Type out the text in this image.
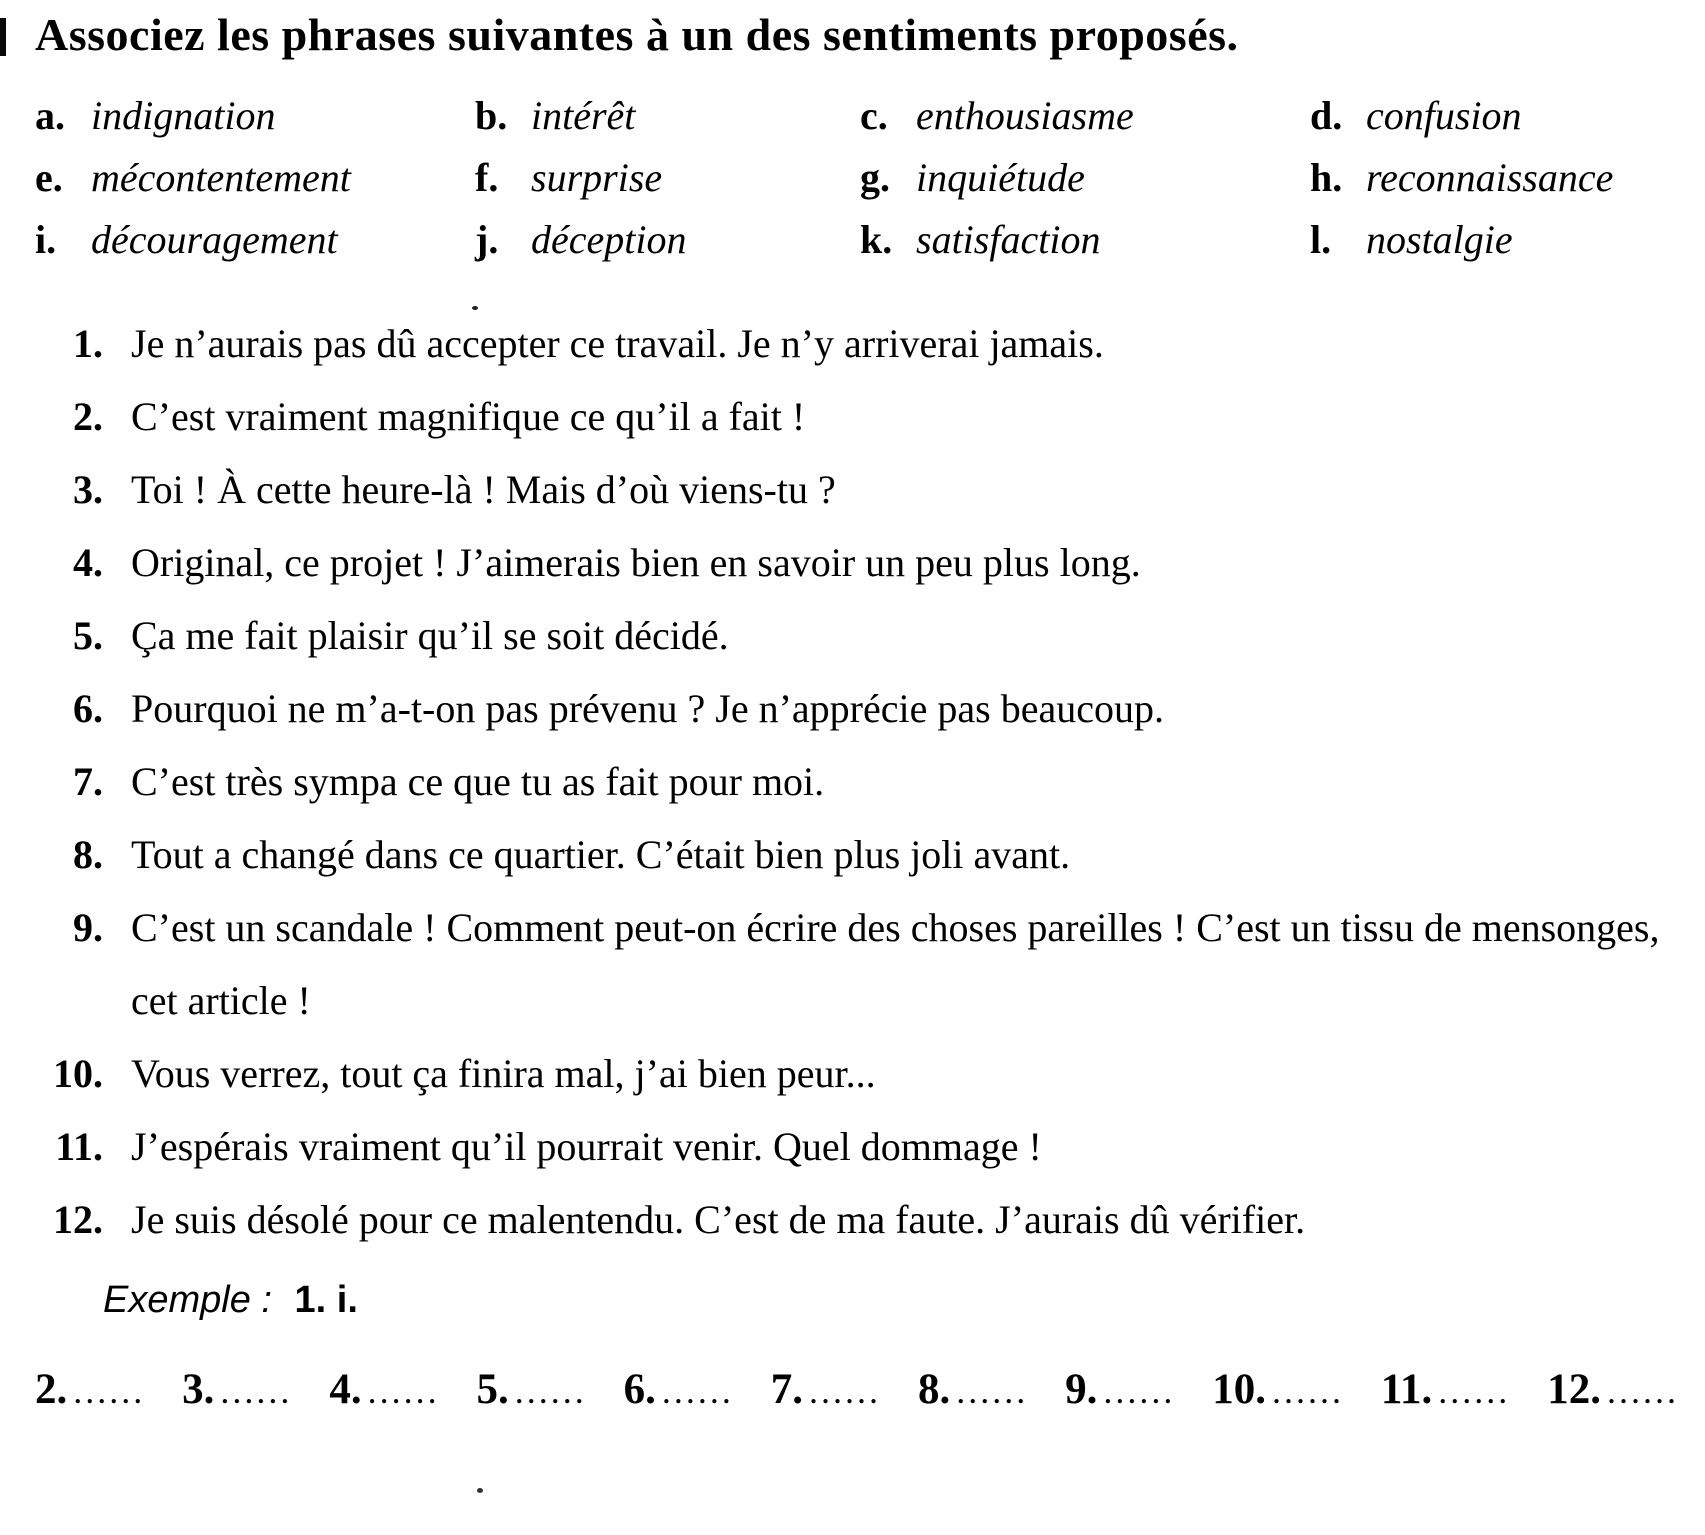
Associez les phrases suivantes à un des sentiments proposés.
a. indignation	b. intérêt	c. enthousiasme	d. confusion
e. mécontentement	f. surprise	g. inquiétude	h. reconnaissance
i. découragement	j. déception	k. satisfaction	l. nostalgie
1. Je n’aurais pas dû accepter ce travail. Je n’y arriverai jamais.
2. C’est vraiment magnifique ce qu’il a fait !
3. Toi ! À cette heure-là ! Mais d’où viens-tu ?
4. Original, ce projet ! J’aimerais bien en savoir un peu plus long.
5. Ça me fait plaisir qu’il se soit décidé.
6. Pourquoi ne m’a-t-on pas prévenu ? Je n’apprécie pas beaucoup.
7. C’est très sympa ce que tu as fait pour moi.
8. Tout a changé dans ce quartier. C’était bien plus joli avant.
9. C’est un scandale ! Comment peut-on écrire des choses pareilles ! C’est un tissu de mensonges, cet article !
10. Vous verrez, tout ça finira mal, j’ai bien peur...
11. J’espérais vraiment qu’il pourrait venir. Quel dommage !
12. Je suis désolé pour ce malentendu. C’est de ma faute. J’aurais dû vérifier.
Exemple : 1. i.
2. ...... 3. ...... 4. ...... 5. ...... 6. ...... 7. ...... 8. ...... 9. ...... 10. ...... 11. ...... 12. ......
